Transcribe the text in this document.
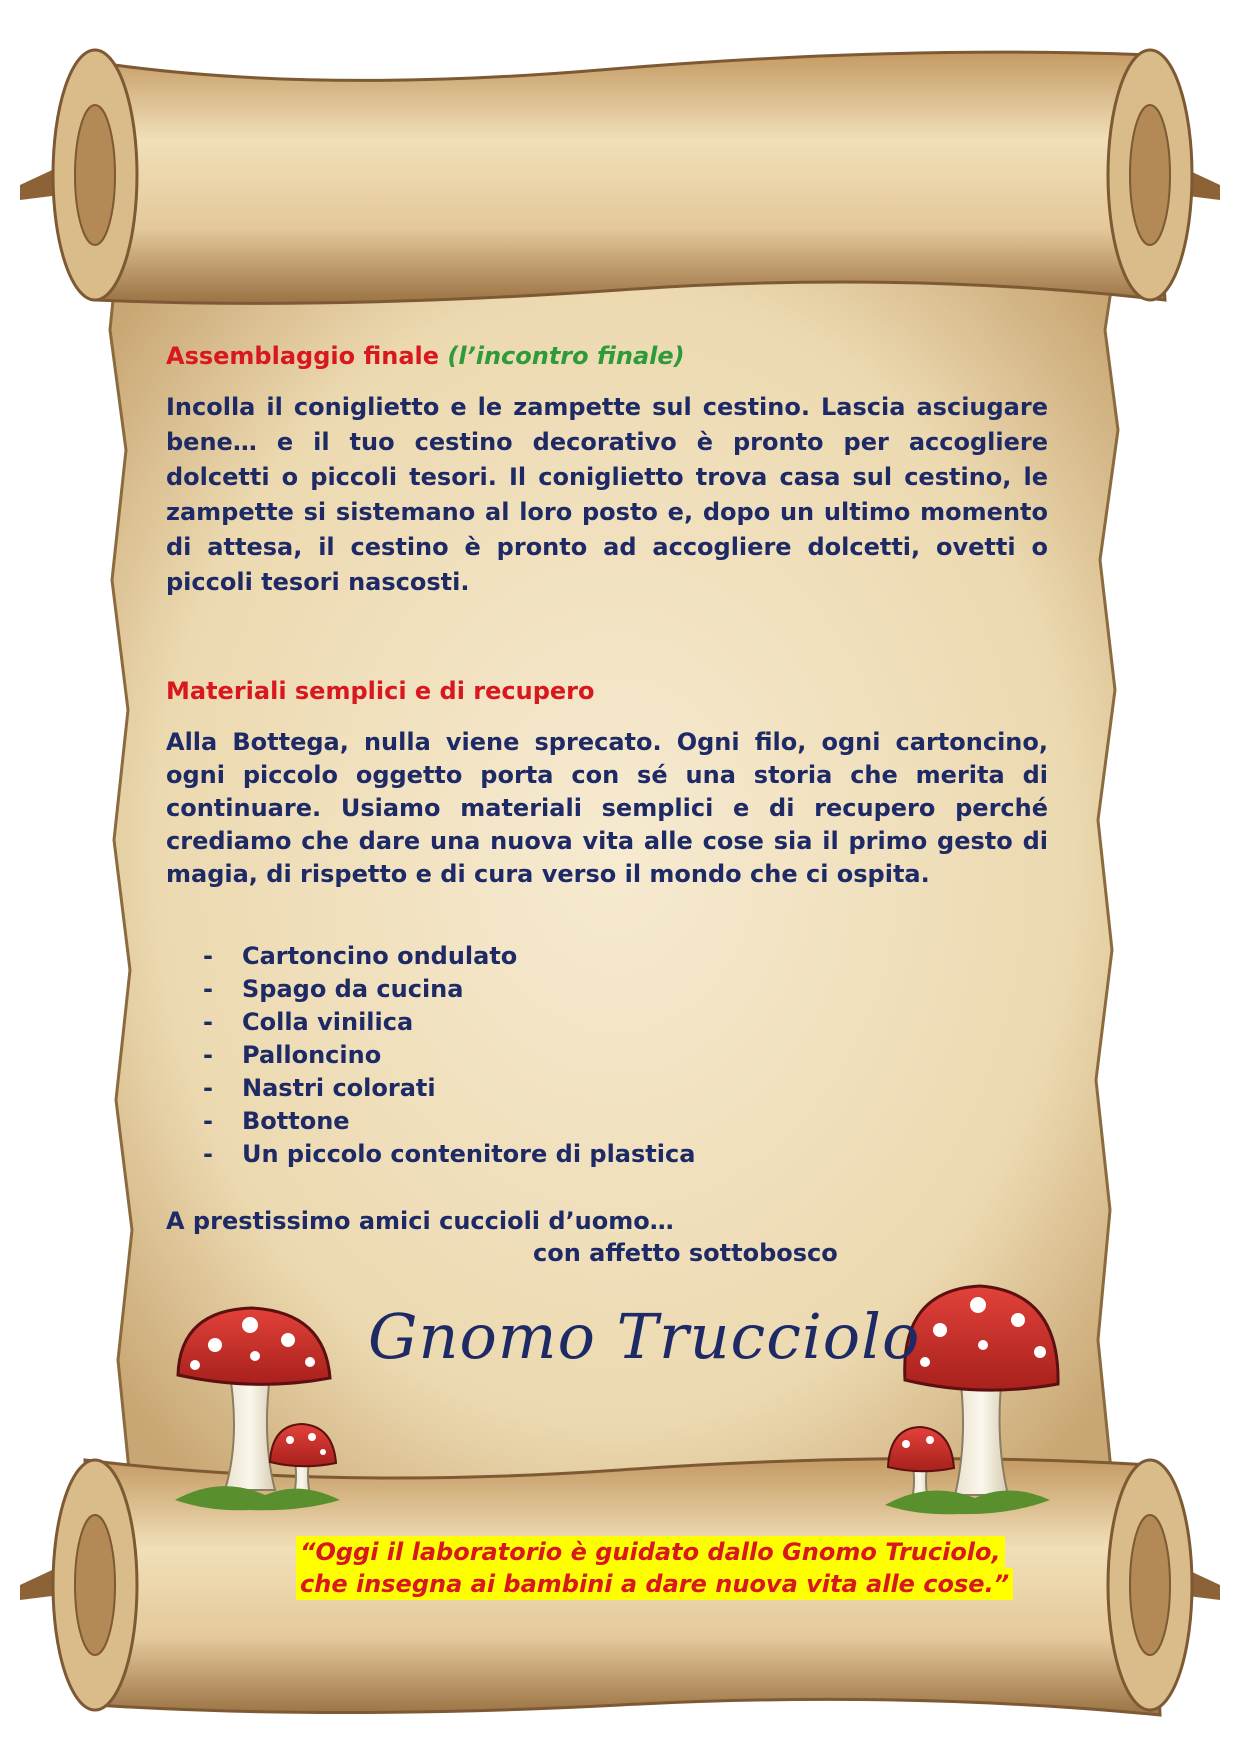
Assemblaggio finale (l’incontro finale)

Incolla il coniglietto e le zampette sul cestino. Lascia asciugare bene… e il tuo cestino decorativo è pronto per accogliere dolcetti o piccoli tesori. Il coniglietto trova casa sul cestino, le zampette si sistemano al loro posto e, dopo un ultimo momento di attesa, il cestino è pronto ad accogliere dolcetti, ovetti o piccoli tesori nascosti.

Materiali semplici e di recupero

Alla Bottega, nulla viene sprecato. Ogni filo, ogni cartoncino, ogni piccolo oggetto porta con sé una storia che merita di continuare. Usiamo materiali semplici e di recupero perché crediamo che dare una nuova vita alle cose sia il primo gesto di magia, di rispetto e di cura verso il mondo che ci ospita.

- Cartoncino ondulato
- Spago da cucina
- Colla vinilica
- Palloncino
- Nastri colorati
- Bottone
- Un piccolo contenitore di plastica
A prestissimo amici cuccioli d’uomo…
con affetto sottobosco
Gnomo Trucciolo
“Oggi il laboratorio è guidato dallo Gnomo Truciolo,
che insegna ai bambini a dare nuova vita alle cose.”
